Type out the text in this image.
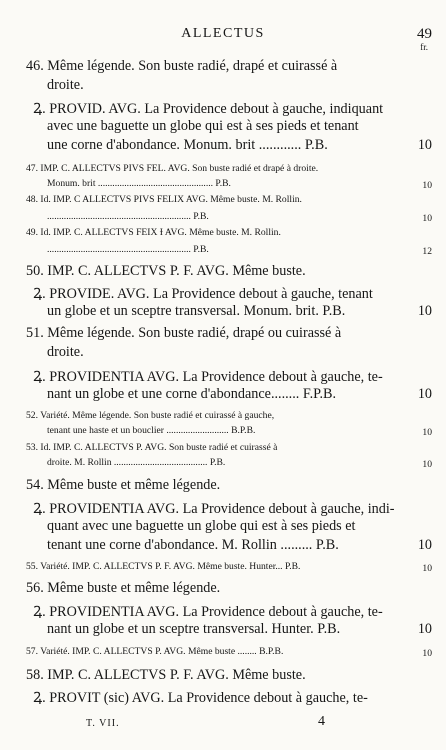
ALLECTUS	49
fr.
46. Même légende. Son buste radié, drapé et cuirassé à
droite.
Ꝝ. PROVID. AVG. La Providence debout à gauche, indiquant
avec une baguette un globe qui est à ses pieds et tenant
une corne d'abondance. Monum. brit ............ P.B.
47. IMP. C. ALLECTVS PIVS FEL. AVG. Son buste radié et drapé à droite.
Monum. brit ................................................ P.B.
48. Id. IMP. C ALLECTVS PIVS FELIX AVG. Même buste. M. Rollin.
............................................................ P.B.
49. Id. IMP. C. ALLECTVS FEIX Ɨ AVG. Même buste. M. Rollin.
............................................................ P.B.
50. IMP. C. ALLECTVS P. F. AVG. Même buste.
Ꝝ. PROVIDE. AVG. La Providence debout à gauche, tenant
un globe et un sceptre transversal. Monum. brit. P.B.
51. Même légende. Son buste radié, drapé ou cuirassé à
droite.
Ꝝ. PROVIDENTIA AVG. La Providence debout à gauche, te-
nant un globe et une corne d'abondance........ F.P.B.
52. Variété. Même légende. Son buste radié et cuirassé à gauche,
tenant une haste et un bouclier .......................... B.P.B.
53. Id. IMP. C. ALLECTVS P. AVG. Son buste radié et cuirassé à
droite. M. Rollin ....................................... P.B.
54. Même buste et même légende.
Ꝝ. PROVIDENTIA AVG. La Providence debout à gauche, indi-
quant avec une baguette un globe qui est à ses pieds et
tenant une corne d'abondance. M. Rollin ......... P.B.
55. Variété. IMP. C. ALLECTVS P. F. AVG. Même buste. Hunter... P.B.
56. Même buste et même légende.
Ꝝ. PROVIDENTIA AVG. La Providence debout à gauche, te-
nant un globe et un sceptre transversal. Hunter. P.B.
57. Variété. IMP. C. ALLECTVS P. AVG. Même buste ........ B.P.B.
58. IMP. C. ALLECTVS P. F. AVG. Même buste.
Ꝝ. PROVIT (sic) AVG. La Providence debout à gauche, te-
10
10
10
12
10
10
10
10
10
10
10
10
T. VII.	4
